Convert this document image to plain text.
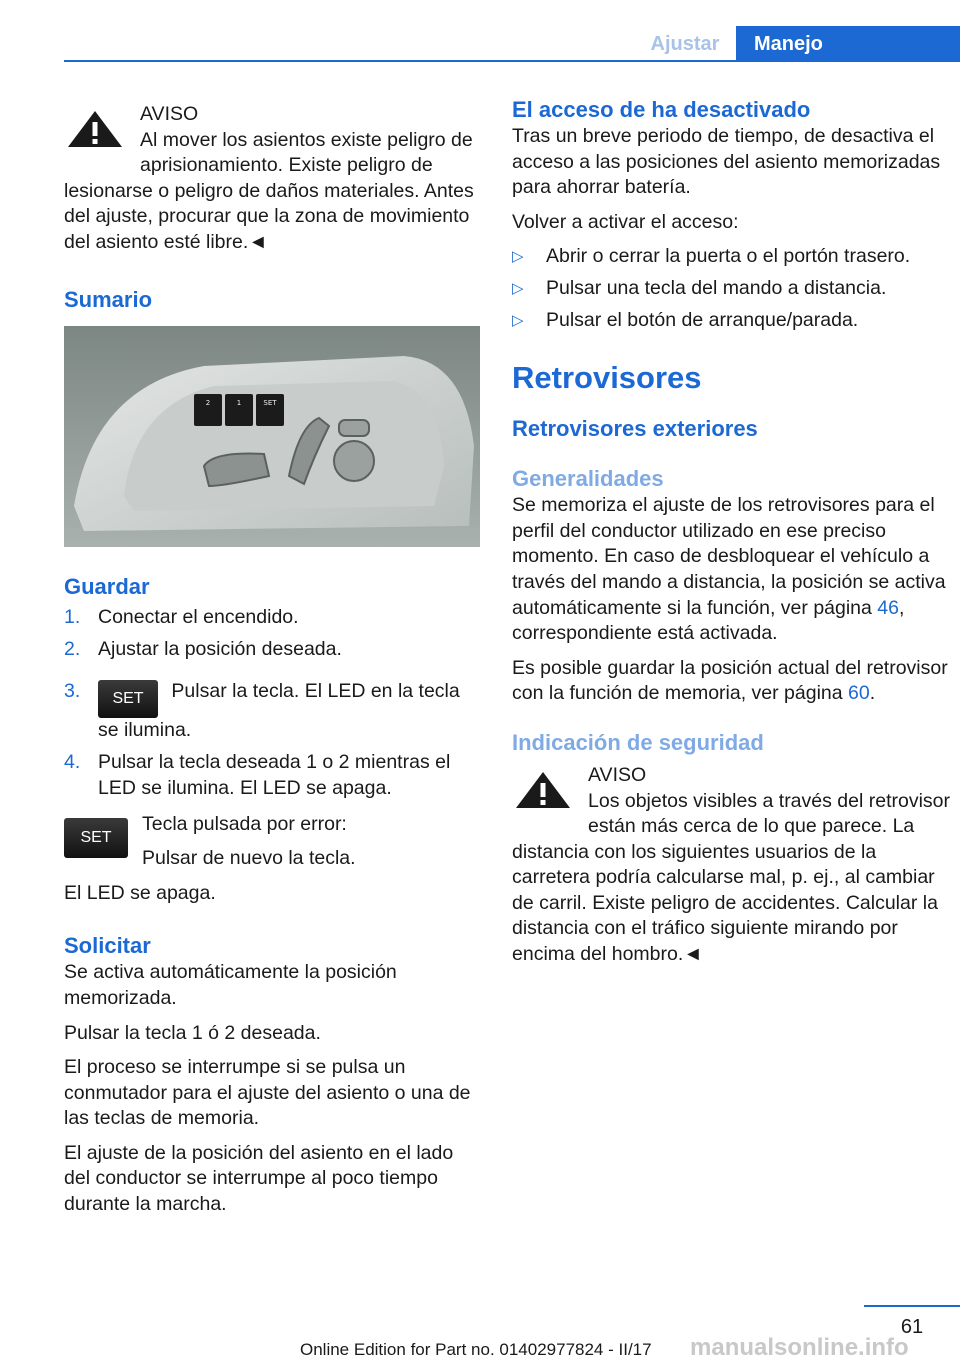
Ajustar	Manejo
AVISO
Al mover los asientos existe peligro de aprisionamiento. Existe peligro de lesionarse o peligro de daños materiales. Antes del ajuste, procurar que la zona de movimiento del asiento esté libre.◄
Sumario
2	1	SET
Guardar
1. Conectar el encendido.
2. Ajustar la posición deseada.
3. SET Pulsar la tecla. El LED en la tecla se ilumina.
4. Pulsar la tecla deseada 1 o 2 mientras el LED se ilumina. El LED se apaga.
SET

Tecla pulsada por error:

Pulsar de nuevo la tecla.

El LED se apaga.

Solicitar

Se activa automáticamente la posición memorizada.

Pulsar la tecla 1 ó 2 deseada.

El proceso se interrumpe si se pulsa un conmutador para el ajuste del asiento o una de las teclas de memoria.

El ajuste de la posición del asiento en el lado del conductor se interrumpe al poco tiempo durante la marcha.

El acceso de ha desactivado

Tras un breve periodo de tiempo, de desactiva el acceso a las posiciones del asiento memorizadas para ahorrar batería.

Volver a activar el acceso:

▷ Abrir o cerrar la puerta o el portón trasero.
▷ Pulsar una tecla del mando a distancia.
▷ Pulsar el botón de arranque/parada.
Retrovisores
Retrovisores exteriores
Generalidades

Se memoriza el ajuste de los retrovisores para el perfil del conductor utilizado en ese preciso momento. En caso de desbloquear el vehículo a través del mando a distancia, la posición se activa automáticamente si la función, ver página 46, correspondiente está activada.

Es posible guardar la posición actual del retrovisor con la función de memoria, ver página 60.

Indicación de seguridad
AVISO
Los objetos visibles a través del retrovisor están más cerca de lo que parece. La distancia con los siguientes usuarios de la carretera podría calcularse mal, p. ej., al cambiar de carril. Existe peligro de accidentes. Calcular la distancia con el tráfico siguiente mirando por encima del hombro.◄
61
manualsonline.info
Online Edition for Part no. 01402977824 - II/17
